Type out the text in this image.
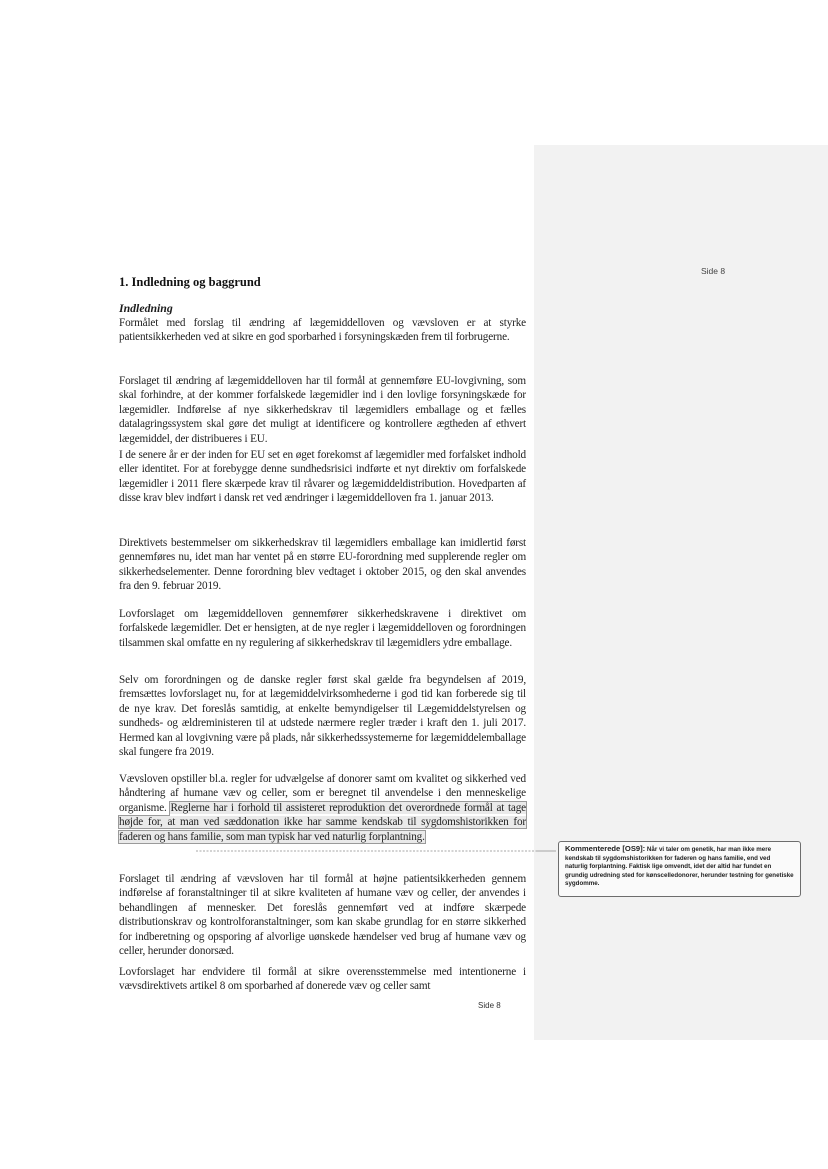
Side 8
1. Indledning og baggrund
Indledning

Formålet med forslag til ændring af lægemiddelloven og vævsloven er at styrke patientsikkerheden ved at sikre en god sporbarhed i forsyningskæden frem til forbrugerne.

Forslaget til ændring af lægemiddelloven har til formål at gennemføre EU-lovgivning, som skal forhindre, at der kommer forfalskede lægemidler ind i den lovlige forsyningskæde for lægemidler. Indførelse af nye sikkerhedskrav til lægemidlers emballage og et fælles datalagringssystem skal gøre det muligt at identificere og kontrollere ægtheden af ethvert lægemiddel, der distribueres i EU.

I de senere år er der inden for EU set en øget forekomst af lægemidler med forfalsket indhold eller identitet. For at forebygge denne sundhedsrisici indførte et nyt direktiv om forfalskede lægemidler i 2011 flere skærpede krav til råvarer og lægemiddeldistribution. Hovedparten af disse krav blev indført i dansk ret ved ændringer i lægemiddelloven fra 1. januar 2013.

Direktivets bestemmelser om sikkerhedskrav til lægemidlers emballage kan imidlertid først gennemføres nu, idet man har ventet på en større EU-forordning med supplerende regler om sikkerhedselementer. Denne forordning blev vedtaget i oktober 2015, og den skal anvendes fra den 9. februar 2019.

Lovforslaget om lægemiddelloven gennemfører sikkerhedskravene i direktivet om forfalskede lægemidler. Det er hensigten, at de nye regler i lægemiddelloven og forordningen tilsammen skal omfatte en ny regulering af sikkerhedskrav til lægemidlers ydre emballage.

Selv om forordningen og de danske regler først skal gælde fra begyndelsen af 2019, fremsættes lovforslaget nu, for at lægemiddelvirksomhederne i god tid kan forberede sig til de nye krav. Det foreslås samtidig, at enkelte bemyndigelser til Lægemiddelstyrelsen og sundheds- og ældreministeren til at udstede nærmere regler træder i kraft den 1. juli 2017. Hermed kan al lovgivning være på plads, når sikkerhedssystemerne for lægemiddelemballage skal fungere fra 2019.

Vævsloven opstiller bl.a. regler for udvælgelse af donorer samt om kvalitet og sikkerhed ved håndtering af humane væv og celler, som er beregnet til anvendelse i den menneskelige organisme. Reglerne har i forhold til assisteret reproduktion det overordnede formål at tage højde for, at man ved sæddonation ikke har samme kendskab til sygdomshistorikken for faderen og hans familie, som man typisk har ved naturlig forplantning.

Forslaget til ændring af vævsloven har til formål at højne patientsikkerheden gennem indførelse af foranstaltninger til at sikre kvaliteten af humane væv og celler, der anvendes i behandlingen af mennesker. Det foreslås gennemført ved at indføre skærpede distributionskrav og kontrolforanstaltninger, som kan skabe grundlag for en større sikkerhed for indberetning og opsporing af alvorlige uønskede hændelser ved brug af humane væv og celler, herunder donorsæd.

Lovforslaget har endvidere til formål at sikre overensstemmelse med intentionerne i vævsdirektivets artikel 8 om sporbarhed af donerede væv og celler samt

Kommenterede [OS9]: Når vi taler om genetik, har man ikke mere kendskab til sygdomshistorikken for faderen og hans familie, end ved naturlig forplantning. Faktisk lige omvendt, idet der altid har fundet en grundig udredning sted for kønscelledonorer, herunder testning for genetiske sygdomme.
Side 8
